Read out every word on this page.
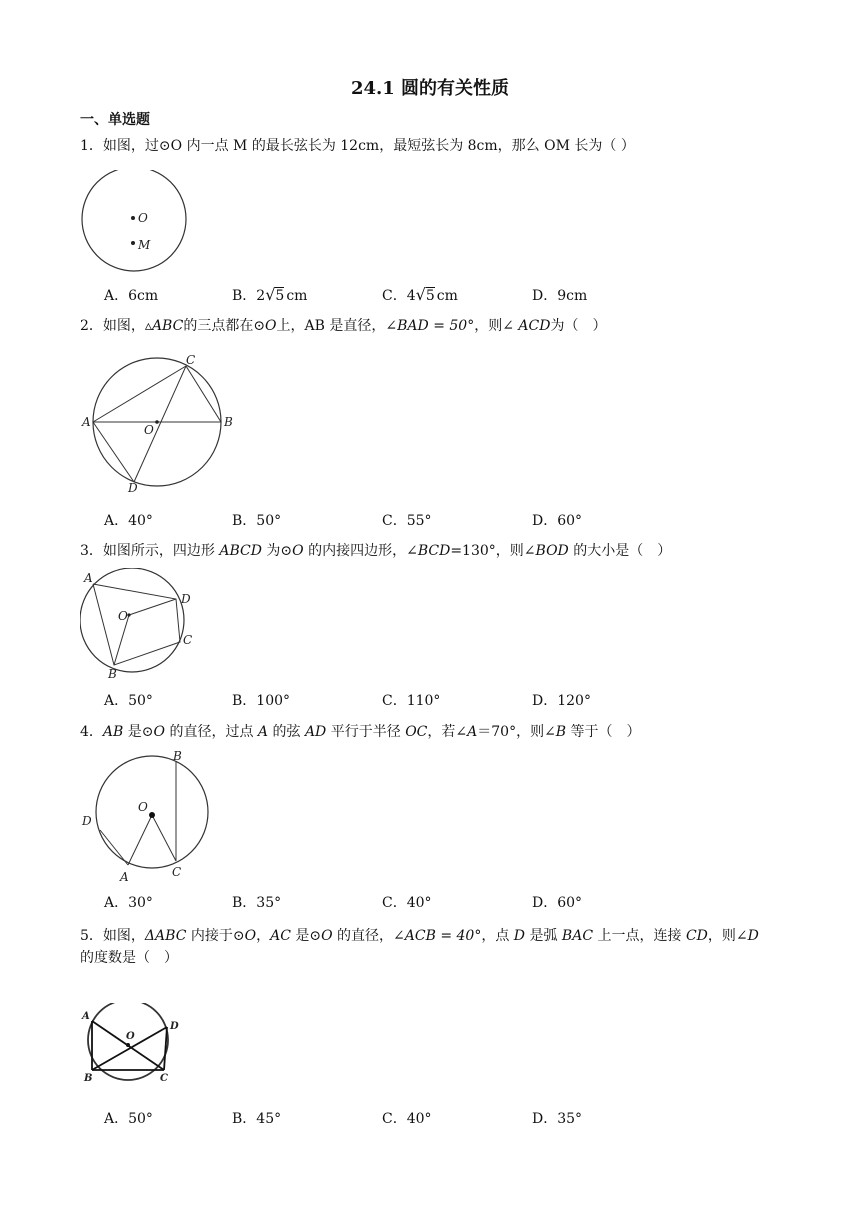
24.1 圆的有关性质
一、单选题
1．如图，过⊙O 内一点 M 的最长弦长为 12cm，最短弦长为 8cm，那么 OM 长为（ ）
O
M
A．6cm	B．2√5 cm	C．4√5 cm	D．9cm
2．如图，▵ABC的三点都在⊙O上，AB 是直径，∠BAD = 50°，则∠ ACD为（　）
A	B
C
D
O
A．40°	B．50°	C．55°	D．60°
3．如图所示，四边形 ABCD 为⊙O 的内接四边形，∠BCD=130°，则∠BOD 的大小是（　）
A
D
C
B
O
A．50°	B．100°	C．110°	D．120°
4．AB 是⊙O 的直径，过点 A 的弦 AD 平行于半径 OC，若∠A＝70°，则∠B 等于（　）
B
O
D
A	C
A．30°	B．35°	C．40°	D．60°
5．如图，ΔABC 内接于⊙O，AC 是⊙O 的直径，∠ACB = 40°，点 D 是弧 BAC 上一点，连接 CD，则∠D
的度数是（　）
A
O
D
B	C
A．50°	B．45°	C．40°	D．35°
